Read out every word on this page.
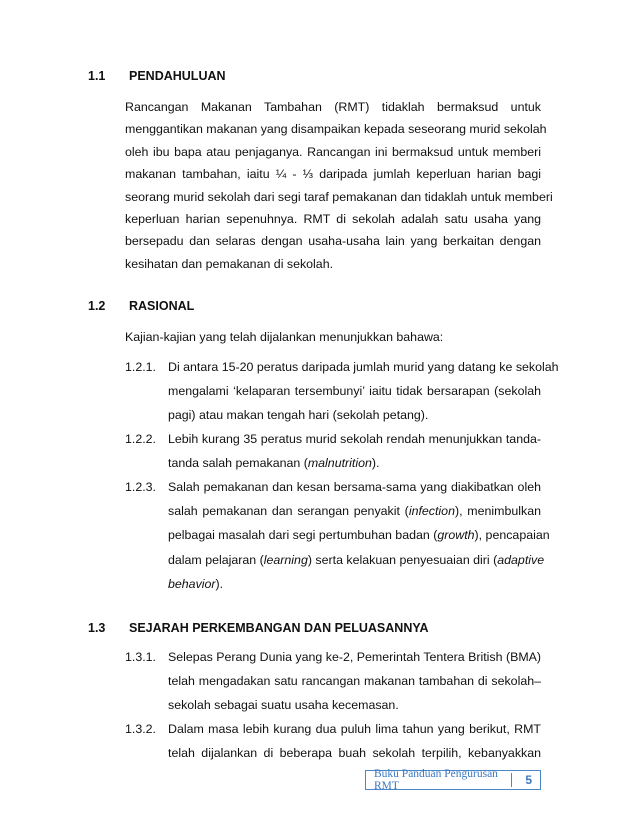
1.1 PENDAHULUAN
Rancangan Makanan Tambahan (RMT) tidaklah bermaksud untuk
menggantikan makanan yang disampaikan kepada seseorang murid sekolah
oleh ibu bapa atau penjaganya. Rancangan ini bermaksud untuk memberi
makanan tambahan, iaitu ¼ - ⅓ daripada jumlah keperluan harian bagi
seorang murid sekolah dari segi taraf pemakanan dan tidaklah untuk memberi
keperluan harian sepenuhnya. RMT di sekolah adalah satu usaha yang
bersepadu dan selaras dengan usaha-usaha lain yang berkaitan dengan
kesihatan dan pemakanan di sekolah.
1.2 RASIONAL
Kajian-kajian yang telah dijalankan menunjukkan bahawa:
1.2.1. Di antara 15-20 peratus daripada jumlah murid yang datang ke sekolah
mengalami ‘kelaparan tersembunyi’ iaitu tidak bersarapan (sekolah
pagi) atau makan tengah hari (sekolah petang).
1.2.2. Lebih kurang 35 peratus murid sekolah rendah menunjukkan tanda-
tanda salah pemakanan (malnutrition).
1.2.3. Salah pemakanan dan kesan bersama-sama yang diakibatkan oleh
salah pemakanan dan serangan penyakit (infection), menimbulkan
pelbagai masalah dari segi pertumbuhan badan (growth), pencapaian
dalam pelajaran (learning) serta kelakuan penyesuaian diri (adaptive
behavior).
1.3 SEJARAH PERKEMBANGAN DAN PELUASANNYA
1.3.1. Selepas Perang Dunia yang ke-2, Pemerintah Tentera British (BMA)
telah mengadakan satu rancangan makanan tambahan di sekolah–
sekolah sebagai suatu usaha kecemasan.
1.3.2. Dalam masa lebih kurang dua puluh lima tahun yang berikut, RMT
telah dijalankan di beberapa buah sekolah terpilih, kebanyakkan
Buku Panduan Pengurusan RMT	5
